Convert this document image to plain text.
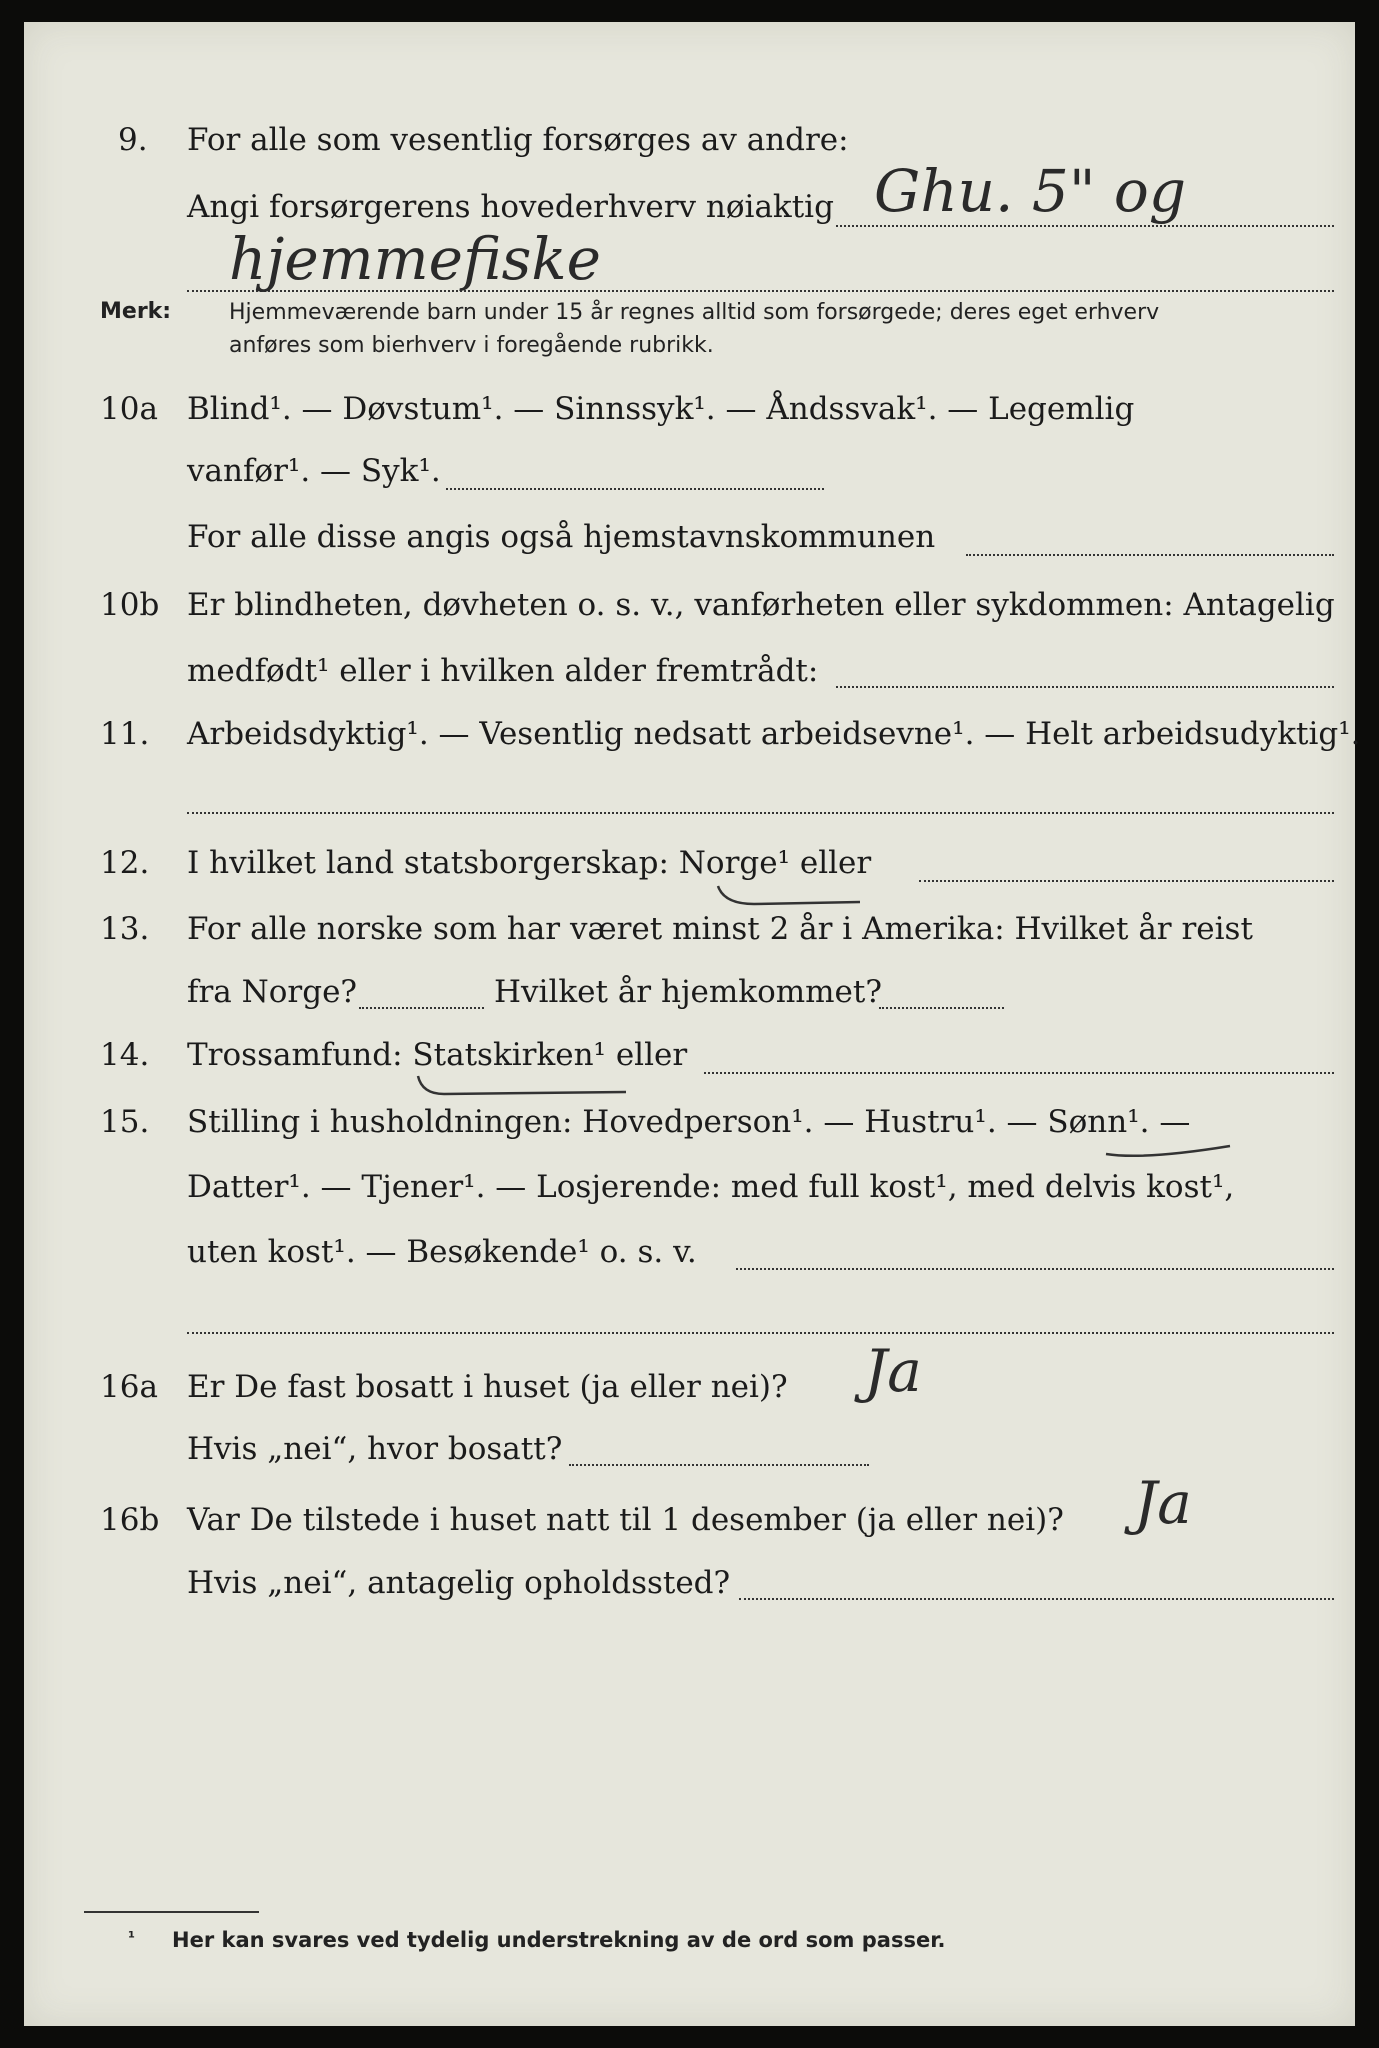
9. For alle som vesentlig forsørges av andre:
Angi forsørgerens hovederhverv nøiaktig Ghu. 5" og
hjemmefiske
Merk:	Hjemmeværende barn under 15 år regnes alltid som forsørgede; deres eget erhverv
anføres som bierhverv i foregående rubrikk.
10a Blind¹. — Døvstum¹. — Sinnssyk¹. — Åndssvak¹. — Legemlig
vanfør¹. — Syk¹.
For alle disse angis også hjemstavnskommunen
10b Er blindheten, døvheten o. s. v., vanførheten eller sykdommen: Antagelig
medfødt¹ eller i hvilken alder fremtrådt:
11. Arbeidsdyktig¹. — Vesentlig nedsatt arbeidsevne¹. — Helt arbeidsudyktig¹.
12. I hvilket land statsborgerskap: Norge¹ eller
13. For alle norske som har været minst 2 år i Amerika: Hvilket år reist
fra Norge?	Hvilket år hjemkommet?
14. Trossamfund: Statskirken¹ eller
15. Stilling i husholdningen: Hovedperson¹. — Hustru¹. — Sønn¹. —
Datter¹. — Tjener¹. — Losjerende: med full kost¹, med delvis kost¹,
uten kost¹. — Besøkende¹ o. s. v.
16a Er De fast bosatt i huset (ja eller nei)? Ja
Hvis „nei“, hvor bosatt?
16b Var De tilstede i huset natt til 1 desember (ja eller nei)? Ja
Hvis „nei“, antagelig opholdssted?
¹ Her kan svares ved tydelig understrekning av de ord som passer.
